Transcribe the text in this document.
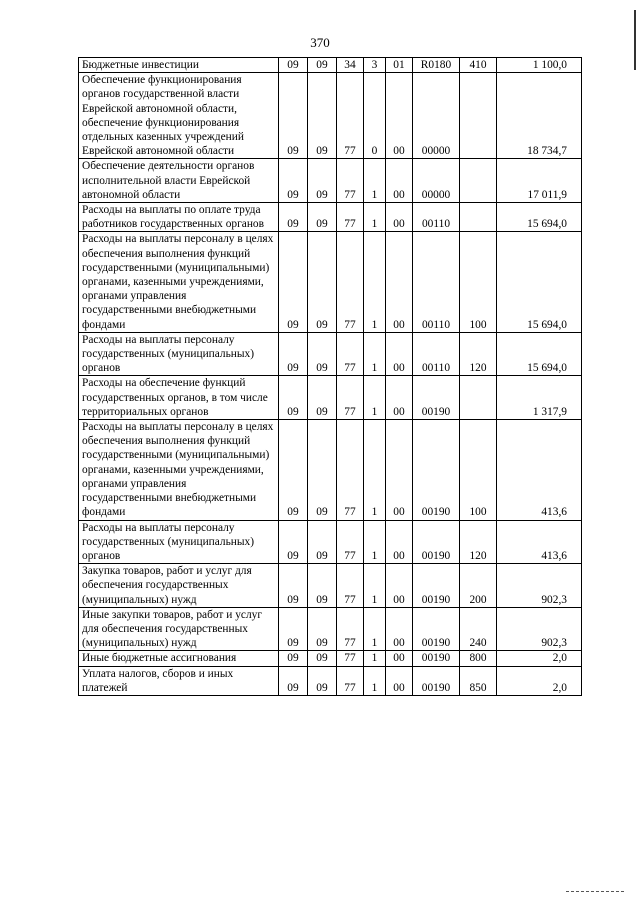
370
Бюджетные инвестиции	09	09	34	3	01	R0180	410	1 100,0
Обеспечение функционирования органов государственной власти Еврейской автономной области, обеспечение функционирования отдельных казенных учреждений Еврейской автономной области	09	09	77	0	00	00000		18 734,7
Обеспечение деятельности органов исполнительной власти Еврейской автономной области	09	09	77	1	00	00000		17 011,9
Расходы на выплаты по оплате труда работников государственных органов	09	09	77	1	00	00110		15 694,0
Расходы на выплаты персоналу в целях обеспечения выполнения функций государственными (муниципальными) органами, казенными учреждениями, органами управления государственными внебюджетными фондами	09	09	77	1	00	00110	100	15 694,0
Расходы на выплаты персоналу государственных (муниципальных) органов	09	09	77	1	00	00110	120	15 694,0
Расходы на обеспечение функций государственных органов, в том числе территориальных органов	09	09	77	1	00	00190		1 317,9
Расходы на выплаты персоналу в целях обеспечения выполнения функций государственными (муниципальными) органами, казенными учреждениями, органами управления государственными внебюджетными фондами	09	09	77	1	00	00190	100	413,6
Расходы на выплаты персоналу государственных (муниципальных) органов	09	09	77	1	00	00190	120	413,6
Закупка товаров, работ и услуг для обеспечения государственных (муниципальных) нужд	09	09	77	1	00	00190	200	902,3
Иные закупки товаров, работ и услуг для обеспечения государственных (муниципальных) нужд	09	09	77	1	00	00190	240	902,3
Иные бюджетные ассигнования	09	09	77	1	00	00190	800	2,0
Уплата налогов, сборов и иных платежей	09	09	77	1	00	00190	850	2,0
